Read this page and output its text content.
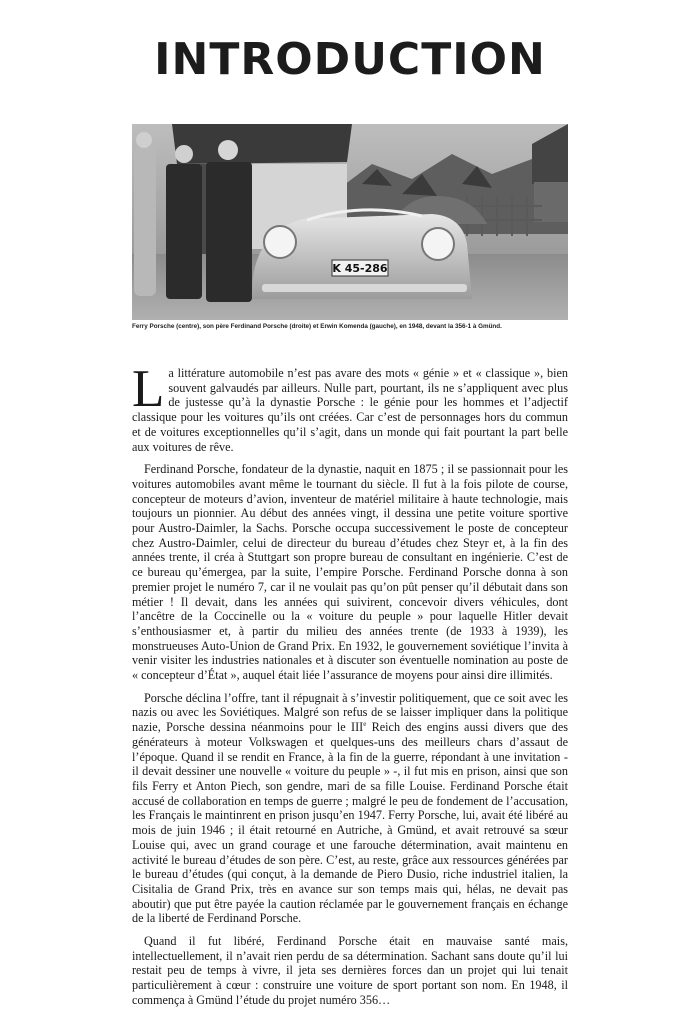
INTRODUCTION
K 45-286

Ferry Porsche (centre), son père Ferdinand Porsche (droite) et Erwin Komenda (gauche), en 1948, devant la 356-1 à Gmünd.

La littérature automobile n’est pas avare des mots « génie » et « classique », bien souvent galvaudés par ailleurs. Nulle part, pourtant, ils ne s’appliquent avec plus de justesse qu’à la dynastie Porsche : le génie pour les hommes et l’adjectif classique pour les voitures qu’ils ont créées. Car c’est de personnages hors du commun et de voitures exceptionnelles qu’il s’agit, dans un monde qui fait pourtant la part belle aux voitures de rêve.

Ferdinand Porsche, fondateur de la dynastie, naquit en 1875 ; il se passionnait pour les voitures automobiles avant même le tournant du siècle. Il fut à la fois pilote de course, concepteur de moteurs d’avion, inventeur de matériel militaire à haute technologie, mais toujours un pionnier. Au début des années vingt, il dessina une petite voiture sportive pour Austro-Daimler, la Sachs. Porsche occupa successivement le poste de concepteur chez Austro-Daimler, celui de directeur du bureau d’études chez Steyr et, à la fin des années trente, il créa à Stuttgart son propre bureau de consultant en ingénierie. C’est de ce bureau qu’émergea, par la suite, l’empire Porsche. Ferdinand Porsche donna à son premier projet le numéro 7, car il ne voulait pas qu’on pût penser qu’il débutait dans son métier ! Il devait, dans les années qui suivirent, concevoir divers véhicules, dont l’ancêtre de la Coccinelle ou la « voiture du peuple » pour laquelle Hitler devait s’enthousiasmer et, à partir du milieu des années trente (de 1933 à 1939), les monstrueuses Auto-Union de Grand Prix. En 1932, le gouvernement soviétique l’invita à venir visiter les industries nationales et à discuter son éventuelle nomination au poste de « concepteur d’État », auquel était liée l’assurance de moyens pour ainsi dire illimités.

Porsche déclina l’offre, tant il répugnait à s’investir politiquement, que ce soit avec les nazis ou avec les Soviétiques. Malgré son refus de se laisser impliquer dans la politique nazie, Porsche dessina néanmoins pour le IIIe Reich des engins aussi divers que des générateurs à moteur Volkswagen et quelques-uns des meilleurs chars d’assaut de l’époque. Quand il se rendit en France, à la fin de la guerre, répondant à une invitation - il devait dessiner une nouvelle « voiture du peuple » -, il fut mis en prison, ainsi que son fils Ferry et Anton Piech, son gendre, mari de sa fille Louise. Ferdinand Porsche était accusé de collaboration en temps de guerre ; malgré le peu de fondement de l’accusation, les Français le maintinrent en prison jusqu’en 1947. Ferry Porsche, lui, avait été libéré au mois de juin 1946 ; il était retourné en Autriche, à Gmünd, et avait retrouvé sa sœur Louise qui, avec un grand courage et une farouche détermination, avait maintenu en activité le bureau d’études de son père. C’est, au reste, grâce aux ressources générées par le bureau d’études (qui conçut, à la demande de Piero Dusio, riche industriel italien, la Cisitalia de Grand Prix, très en avance sur son temps mais qui, hélas, ne devait pas aboutir) que put être payée la caution réclamée par le gouvernement français en échange de la liberté de Ferdinand Porsche.

Quand il fut libéré, Ferdinand Porsche était en mauvaise santé mais, intellectuellement, il n’avait rien perdu de sa détermination. Sachant sans doute qu’il lui restait peu de temps à vivre, il jeta ses dernières forces dan un projet qui lui tenait particulièrement à cœur : construire une voiture de sport portant son nom. En 1948, il commença à Gmünd l’étude du projet numéro 356…
